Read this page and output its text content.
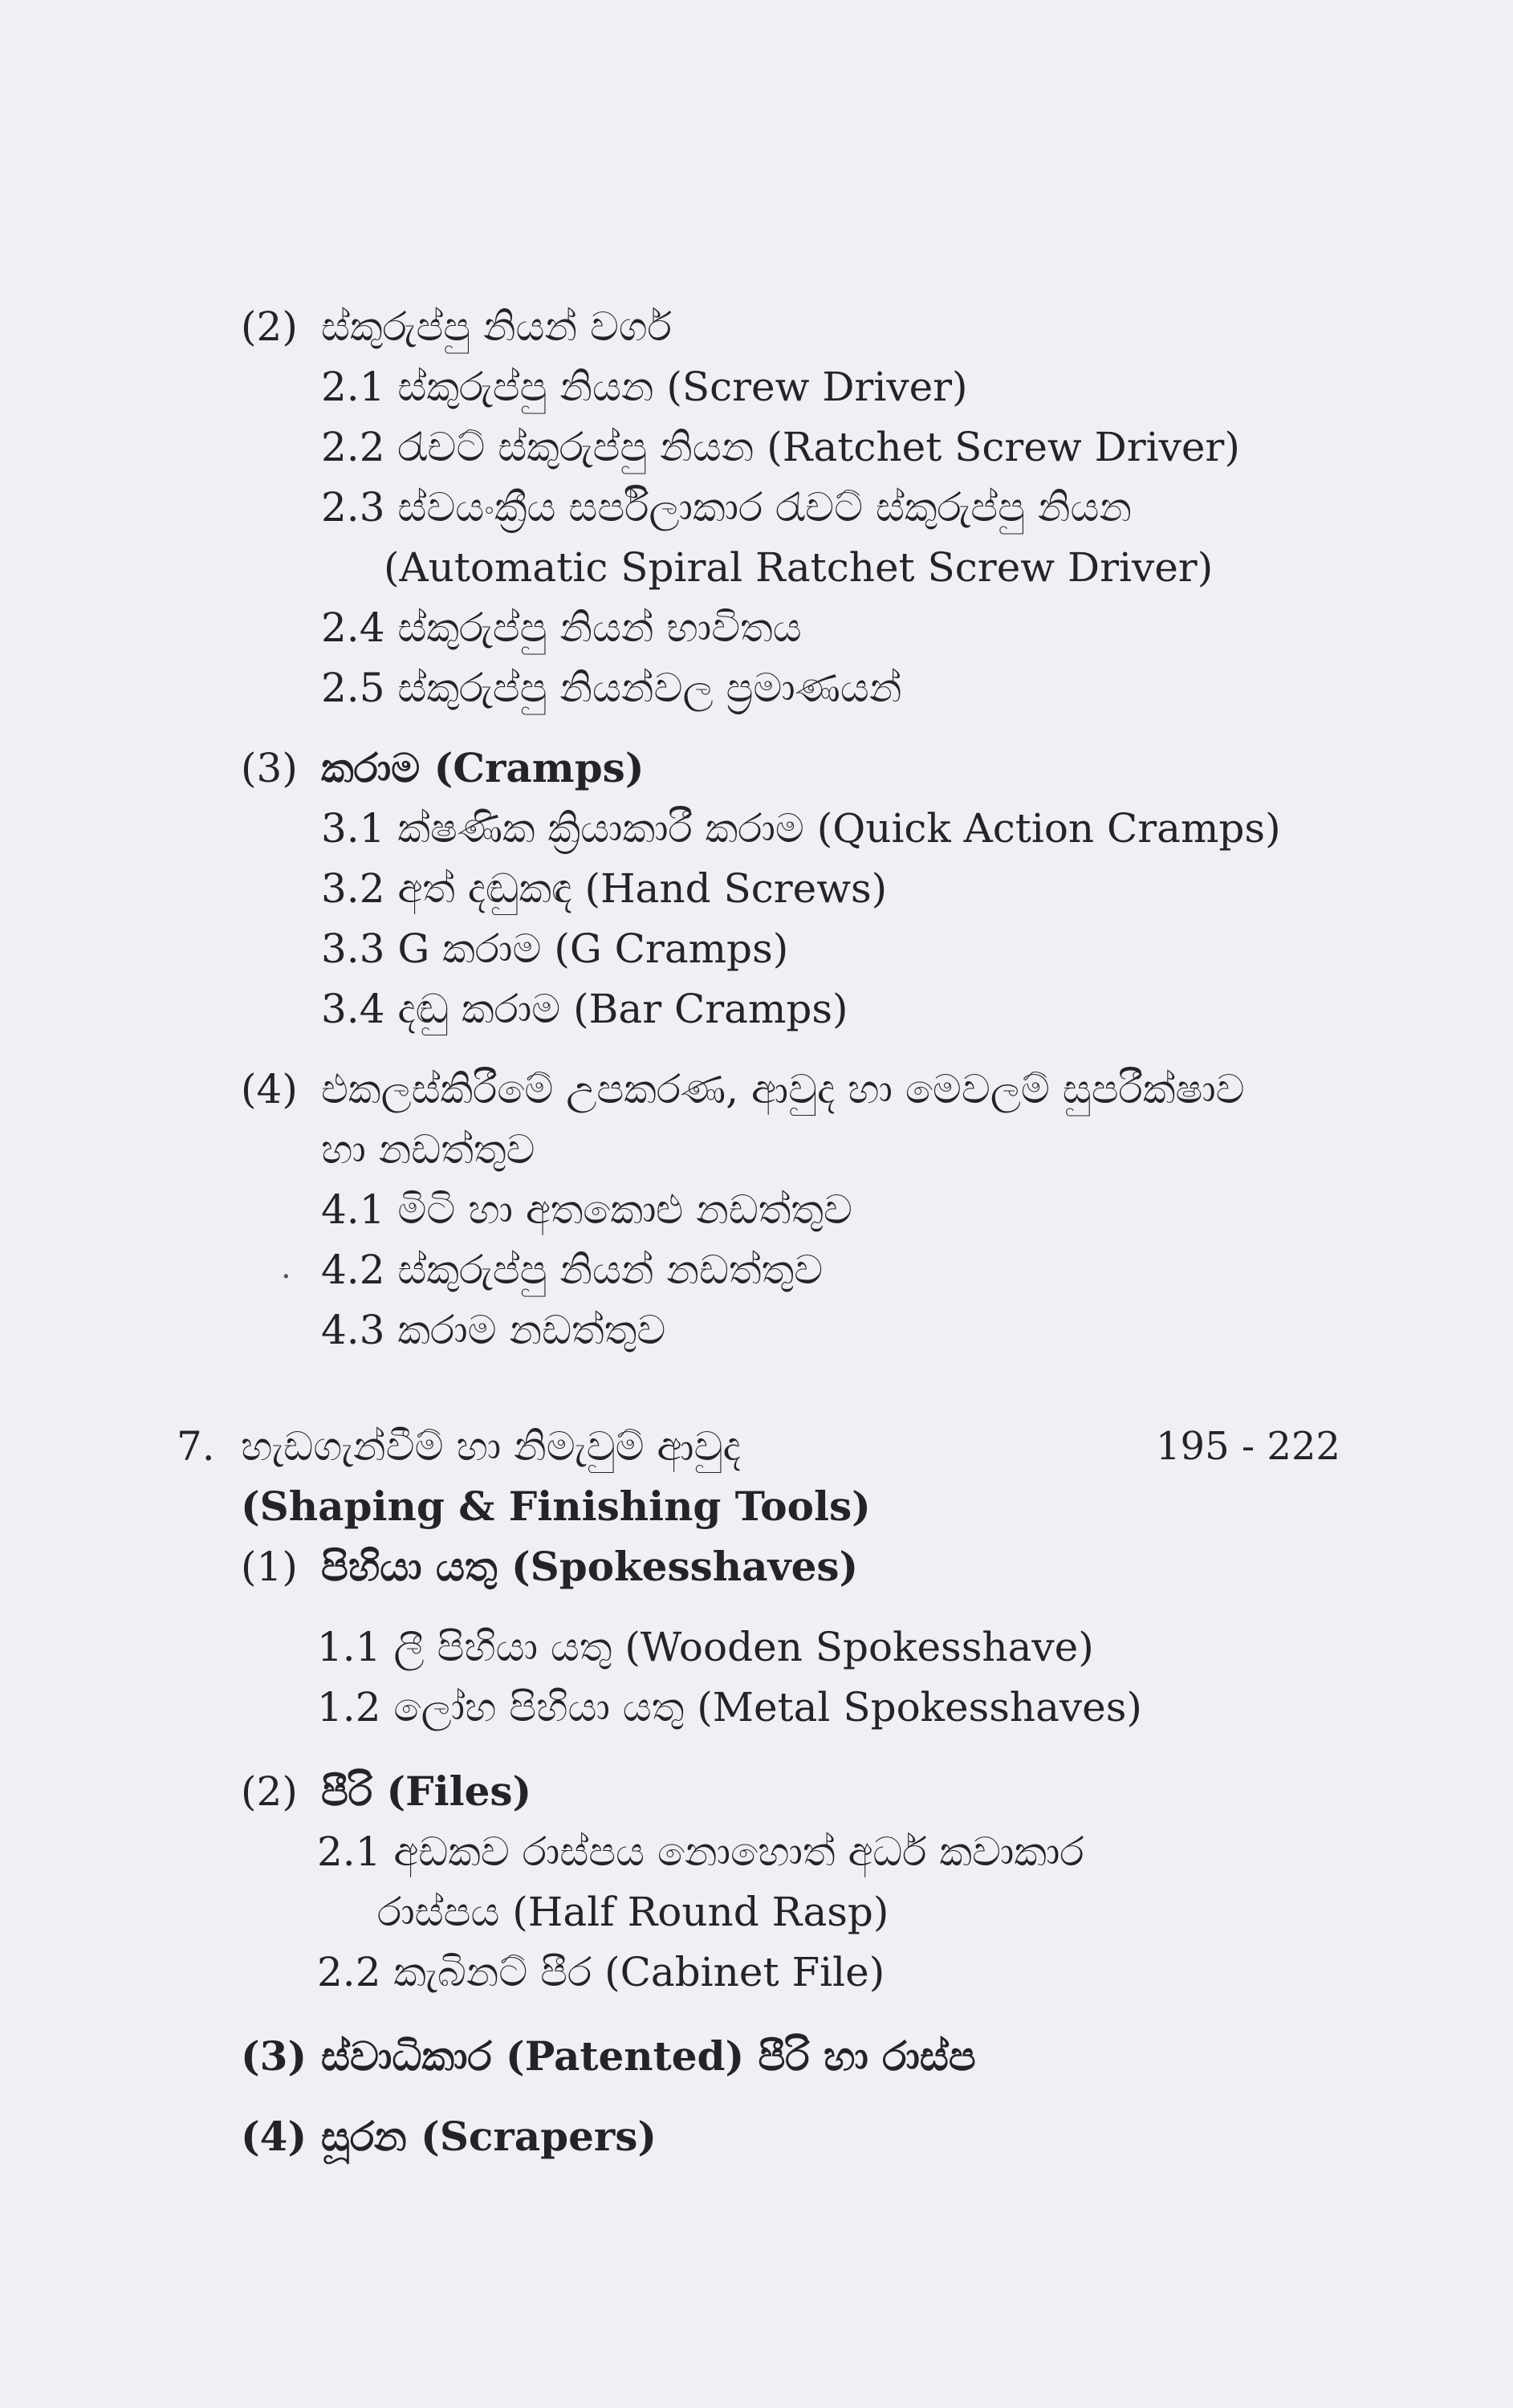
(2) ස්කුරුප්පු නියන් වර්ග
2.1 ස්කුරුප්පු නියන (Screw Driver)
2.2 රැචට් ස්කුරුප්පු නියන (Ratchet Screw Driver)
2.3 ස්වයංක්‍රීය සර්පිලාකාර රැචට් ස්කුරුප්පු නියන
(Automatic Spiral Ratchet Screw Driver)
2.4 ස්කුරුප්පු නියන් භාවිතය
2.5 ස්කුරුප්පු නියන්වල ප්‍රමාණයන්
(3) කරාම (Cramps)
3.1 ක්ෂණික ක්‍රියාකාරී කරාම (Quick Action Cramps)
3.2 අත් දඬුකඳ (Hand Screws)
3.3 G කරාම (G Cramps)
3.4 දඬු කරාම (Bar Cramps)
(4) එකලස්කිරීමේ උපකරණ, ආවුද හා මෙවලම් සුපරීක්ෂාව
හා නඩත්තුව
4.1 මිටි හා අතකොළු නඩත්තුව
· 4.2 ස්කුරුප්පු නියන් නඩත්තුව
4.3 කරාම නඩත්තුව
7. හැඩගැන්වීම් හා නිමැවුම් ආවුද	195 - 222
(Shaping & Finishing Tools)
(1) පිහියා යතු (Spokesshaves)
1.1 ලී පිහියා යතු (Wooden Spokesshave)
1.2 ලෝහ පිහියා යතු (Metal Spokesshaves)
(2) පීරි (Files)
2.1 අඩකව රාස්පය නොහොත් අර්ධ කවාකාර
රාස්පය (Half Round Rasp)
2.2 කැබිනට් පීර (Cabinet File)
(3) ස්වාධිකාර (Patented) පීරි හා රාස්ප
(4) සූරන (Scrapers)
